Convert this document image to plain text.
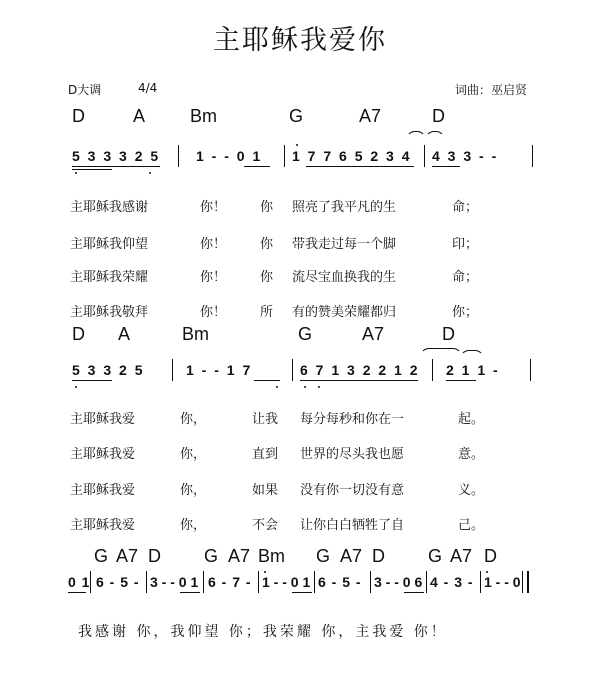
主耶稣我爱你
D大调	4/4	词曲：巫启贤
D	A Bm	G	A7	D
5 3 3 3 2 5	1 - - 0 1 1 7 7 6 5 2 3 4 4 3 3 - -
主耶稣我感谢	你！	你 照亮了我平凡的生	命；
主耶稣我仰望	你！	你 带我走过每一个脚	印；
主耶稣我荣耀	你！	你 流尽宝血换我的生	命；
主耶稣我敬拜	你！	所 有的赞美荣耀都归	你；
D A	Bm	G	A7	D
5 3 3 2 5	1 - - 1 7	6 7 1 3 2 2 1 2 2 1 1 -
主耶稣我爱	你，	让我 每分每秒和你在一	起。
主耶稣我爱	你，	直到 世界的尽头我也愿	意。
主耶稣我爱	你，	如果 没有你一切没有意	义。
主耶稣我爱	你，	不会 让你白白牺牲了自	己。
G A7 D G A7 Bm G A7 D G A7 D
0 1 6 - 5 - 3 - - 0 1 6 - 7 - 1 - - 0 1 6 - 5 - 3 - - 0 6 4 - 3 - 1 - - 0
我感谢 你，我仰望 你；我荣耀 你，主我爱 你！
